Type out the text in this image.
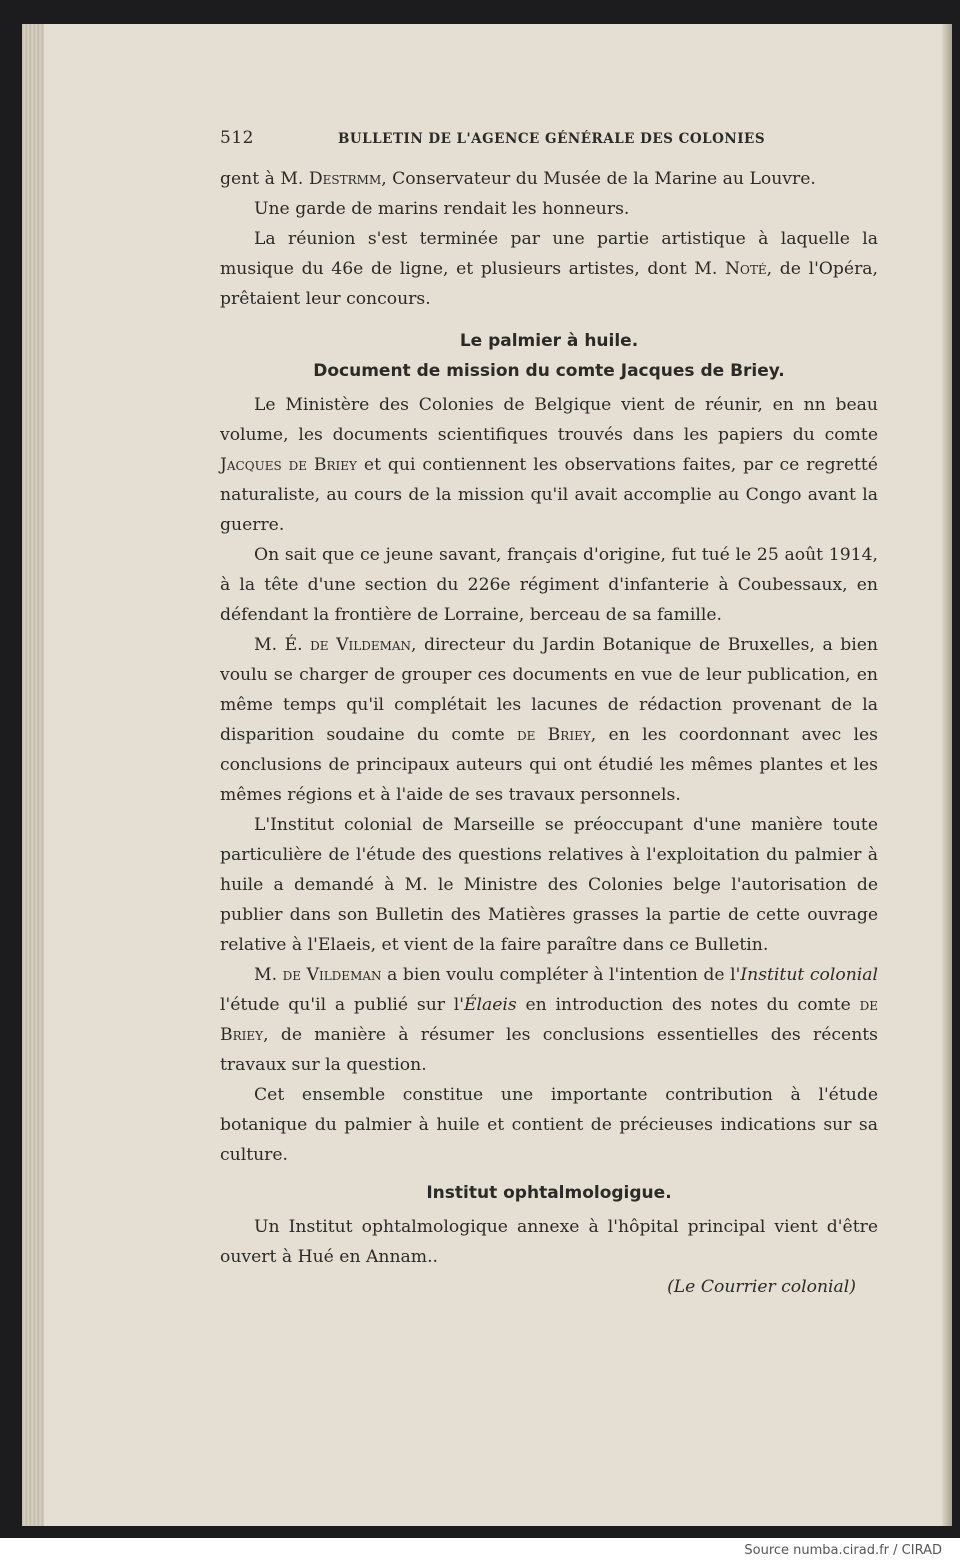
512	BULLETIN DE L'AGENCE GÉNÉRALE DES COLONIES

gent à M. Destrmm, Conservateur du Musée de la Marine au Louvre.

Une garde de marins rendait les honneurs.

La réunion s'est terminée par une partie artistique à laquelle la musique du 46e de ligne, et plusieurs artistes, dont M. Noté, de l'Opéra, prêtaient leur concours.

Le palmier à huile.
Document de mission du comte Jacques de Briey.

Le Ministère des Colonies de Belgique vient de réunir, en nn beau volume, les documents scientifiques trouvés dans les papiers du comte Jacques de Briey et qui contiennent les observations faites, par ce regretté naturaliste, au cours de la mission qu'il avait accomplie au Congo avant la guerre.

On sait que ce jeune savant, français d'origine, fut tué le 25 août 1914, à la tête d'une section du 226e régiment d'infanterie à Coubessaux, en défendant la frontière de Lorraine, berceau de sa famille.

M. É. de Vildeman, directeur du Jardin Botanique de Bruxelles, a bien voulu se charger de grouper ces documents en vue de leur publication, en même temps qu'il complétait les lacunes de rédaction provenant de la disparition soudaine du comte de Briey, en les coordonnant avec les conclusions de principaux auteurs qui ont étudié les mêmes plantes et les mêmes régions et à l'aide de ses travaux personnels.

L'Institut colonial de Marseille se préoccupant d'une manière toute particulière de l'étude des questions relatives à l'exploitation du palmier à huile a demandé à M. le Ministre des Colonies belge l'autorisation de publier dans son Bulletin des Matières grasses la partie de cette ouvrage relative à l'Elaeis, et vient de la faire paraître dans ce Bulletin.

M. de Vildeman a bien voulu compléter à l'intention de l'Institut colonial l'étude qu'il a publié sur l'Élaeis en introduction des notes du comte de Briey, de manière à résumer les conclusions essentielles des récents travaux sur la question.

Cet ensemble constitue une importante contribution à l'étude botanique du palmier à huile et contient de précieuses indications sur sa culture.

Institut ophtalmologigue.

Un Institut ophtalmologique annexe à l'hôpital principal vient d'être ouvert à Hué en Annam..

(Le Courrier colonial)
Source numba.cirad.fr / CIRAD
